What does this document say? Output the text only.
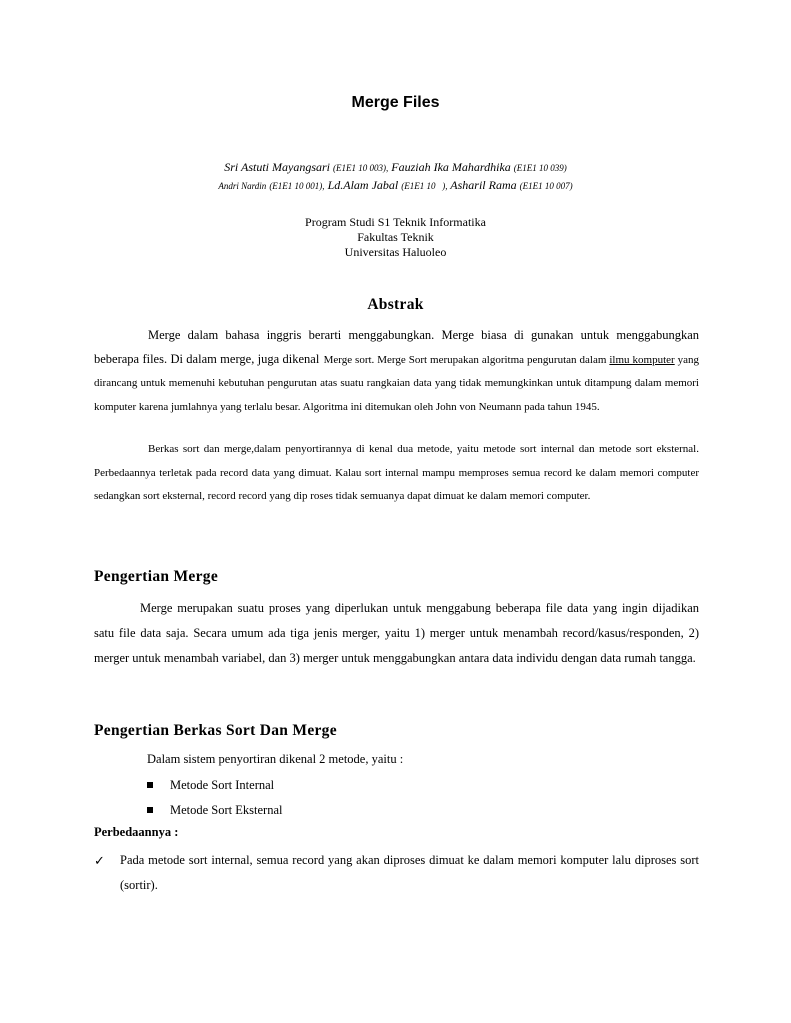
Merge Files
Sri Astuti Mayangsari (E1E1 10 003), Fauziah Ika Mahardhika (E1E1 10 039)
Andri Nardin (E1E1 10 001), Ld.Alam Jabal (E1E1 10   ), Asharil Rama (E1E1 10 007)
Program Studi S1 Teknik Informatika
Fakultas Teknik
Universitas Haluoleo
Abstrak
Merge dalam bahasa inggris berarti menggabungkan. Merge biasa di gunakan untuk menggabungkan beberapa files. Di dalam merge, juga dikenal Merge sort. Merge Sort merupakan algoritma pengurutan dalam ilmu komputer yang dirancang untuk memenuhi kebutuhan pengurutan atas suatu rangkaian data yang tidak memungkinkan untuk ditampung dalam memori komputer karena jumlahnya yang terlalu besar. Algoritma ini ditemukan oleh John von Neumann pada tahun 1945.
Berkas sort dan merge,dalam penyortirannya di kenal dua metode, yaitu metode sort internal dan metode sort eksternal. Perbedaannya terletak pada record data yang dimuat. Kalau sort internal mampu memproses semua record ke dalam memori computer sedangkan sort eksternal, record record yang dip roses tidak semuanya dapat dimuat ke dalam memori computer.
Pengertian Merge
Merge merupakan suatu proses yang diperlukan untuk menggabung beberapa file data yang ingin dijadikan satu file data saja. Secara umum ada tiga jenis merger, yaitu 1) merger untuk menambah record/kasus/responden, 2) merger untuk menambah variabel, dan 3) merger untuk menggabungkan antara data individu dengan data rumah tangga.
Pengertian Berkas Sort Dan Merge
Dalam sistem penyortiran dikenal 2 metode, yaitu :
Metode Sort Internal
Metode Sort Eksternal
Perbedaannya :
✓ Pada metode sort internal, semua record yang akan diproses dimuat ke dalam memori komputer lalu diproses sort (sortir).
